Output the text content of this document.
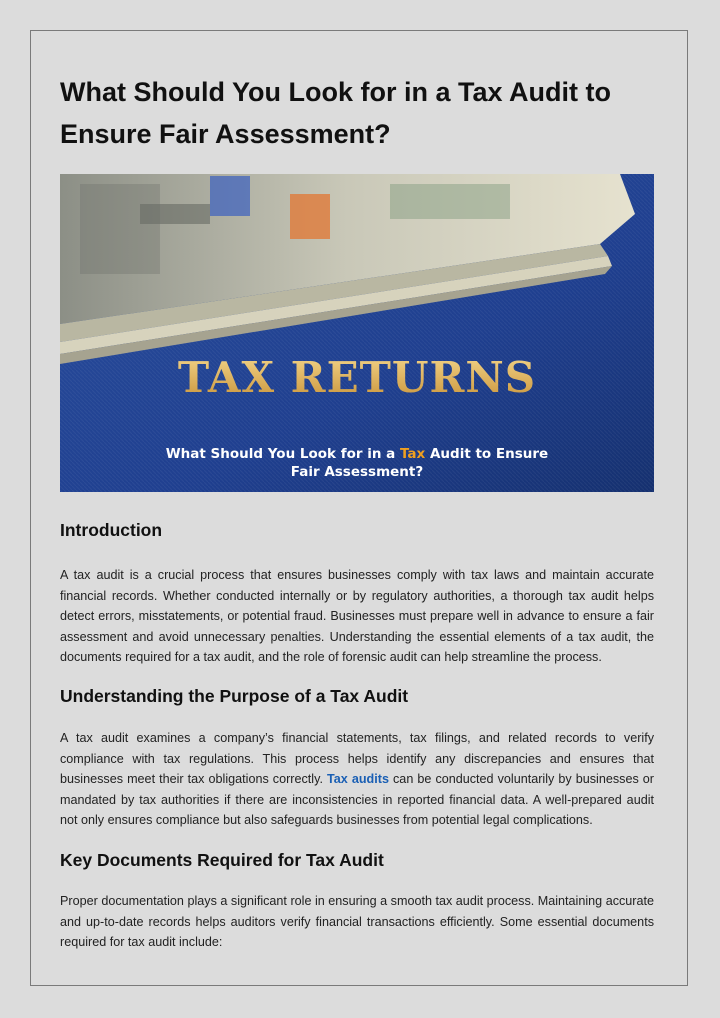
What Should You Look for in a Tax Audit to Ensure Fair Assessment?
TAX RETURNS
What Should You Look for in a Tax Audit to Ensure
Fair Assessment?
Introduction

A tax audit is a crucial process that ensures businesses comply with tax laws and maintain accurate financial records. Whether conducted internally or by regulatory authorities, a thorough tax audit helps detect errors, misstatements, or potential fraud. Businesses must prepare well in advance to ensure a fair assessment and avoid unnecessary penalties. Understanding the essential elements of a tax audit, the documents required for a tax audit, and the role of forensic audit can help streamline the process.

Understanding the Purpose of a Tax Audit

A tax audit examines a company’s financial statements, tax filings, and related records to verify compliance with tax regulations. This process helps identify any discrepancies and ensures that businesses meet their tax obligations correctly. Tax audits can be conducted voluntarily by businesses or mandated by tax authorities if there are inconsistencies in reported financial data. A well-prepared audit not only ensures compliance but also safeguards businesses from potential legal complications.

Key Documents Required for Tax Audit

Proper documentation plays a significant role in ensuring a smooth tax audit process. Maintaining accurate and up-to-date records helps auditors verify financial transactions efficiently. Some essential documents required for tax audit include:
